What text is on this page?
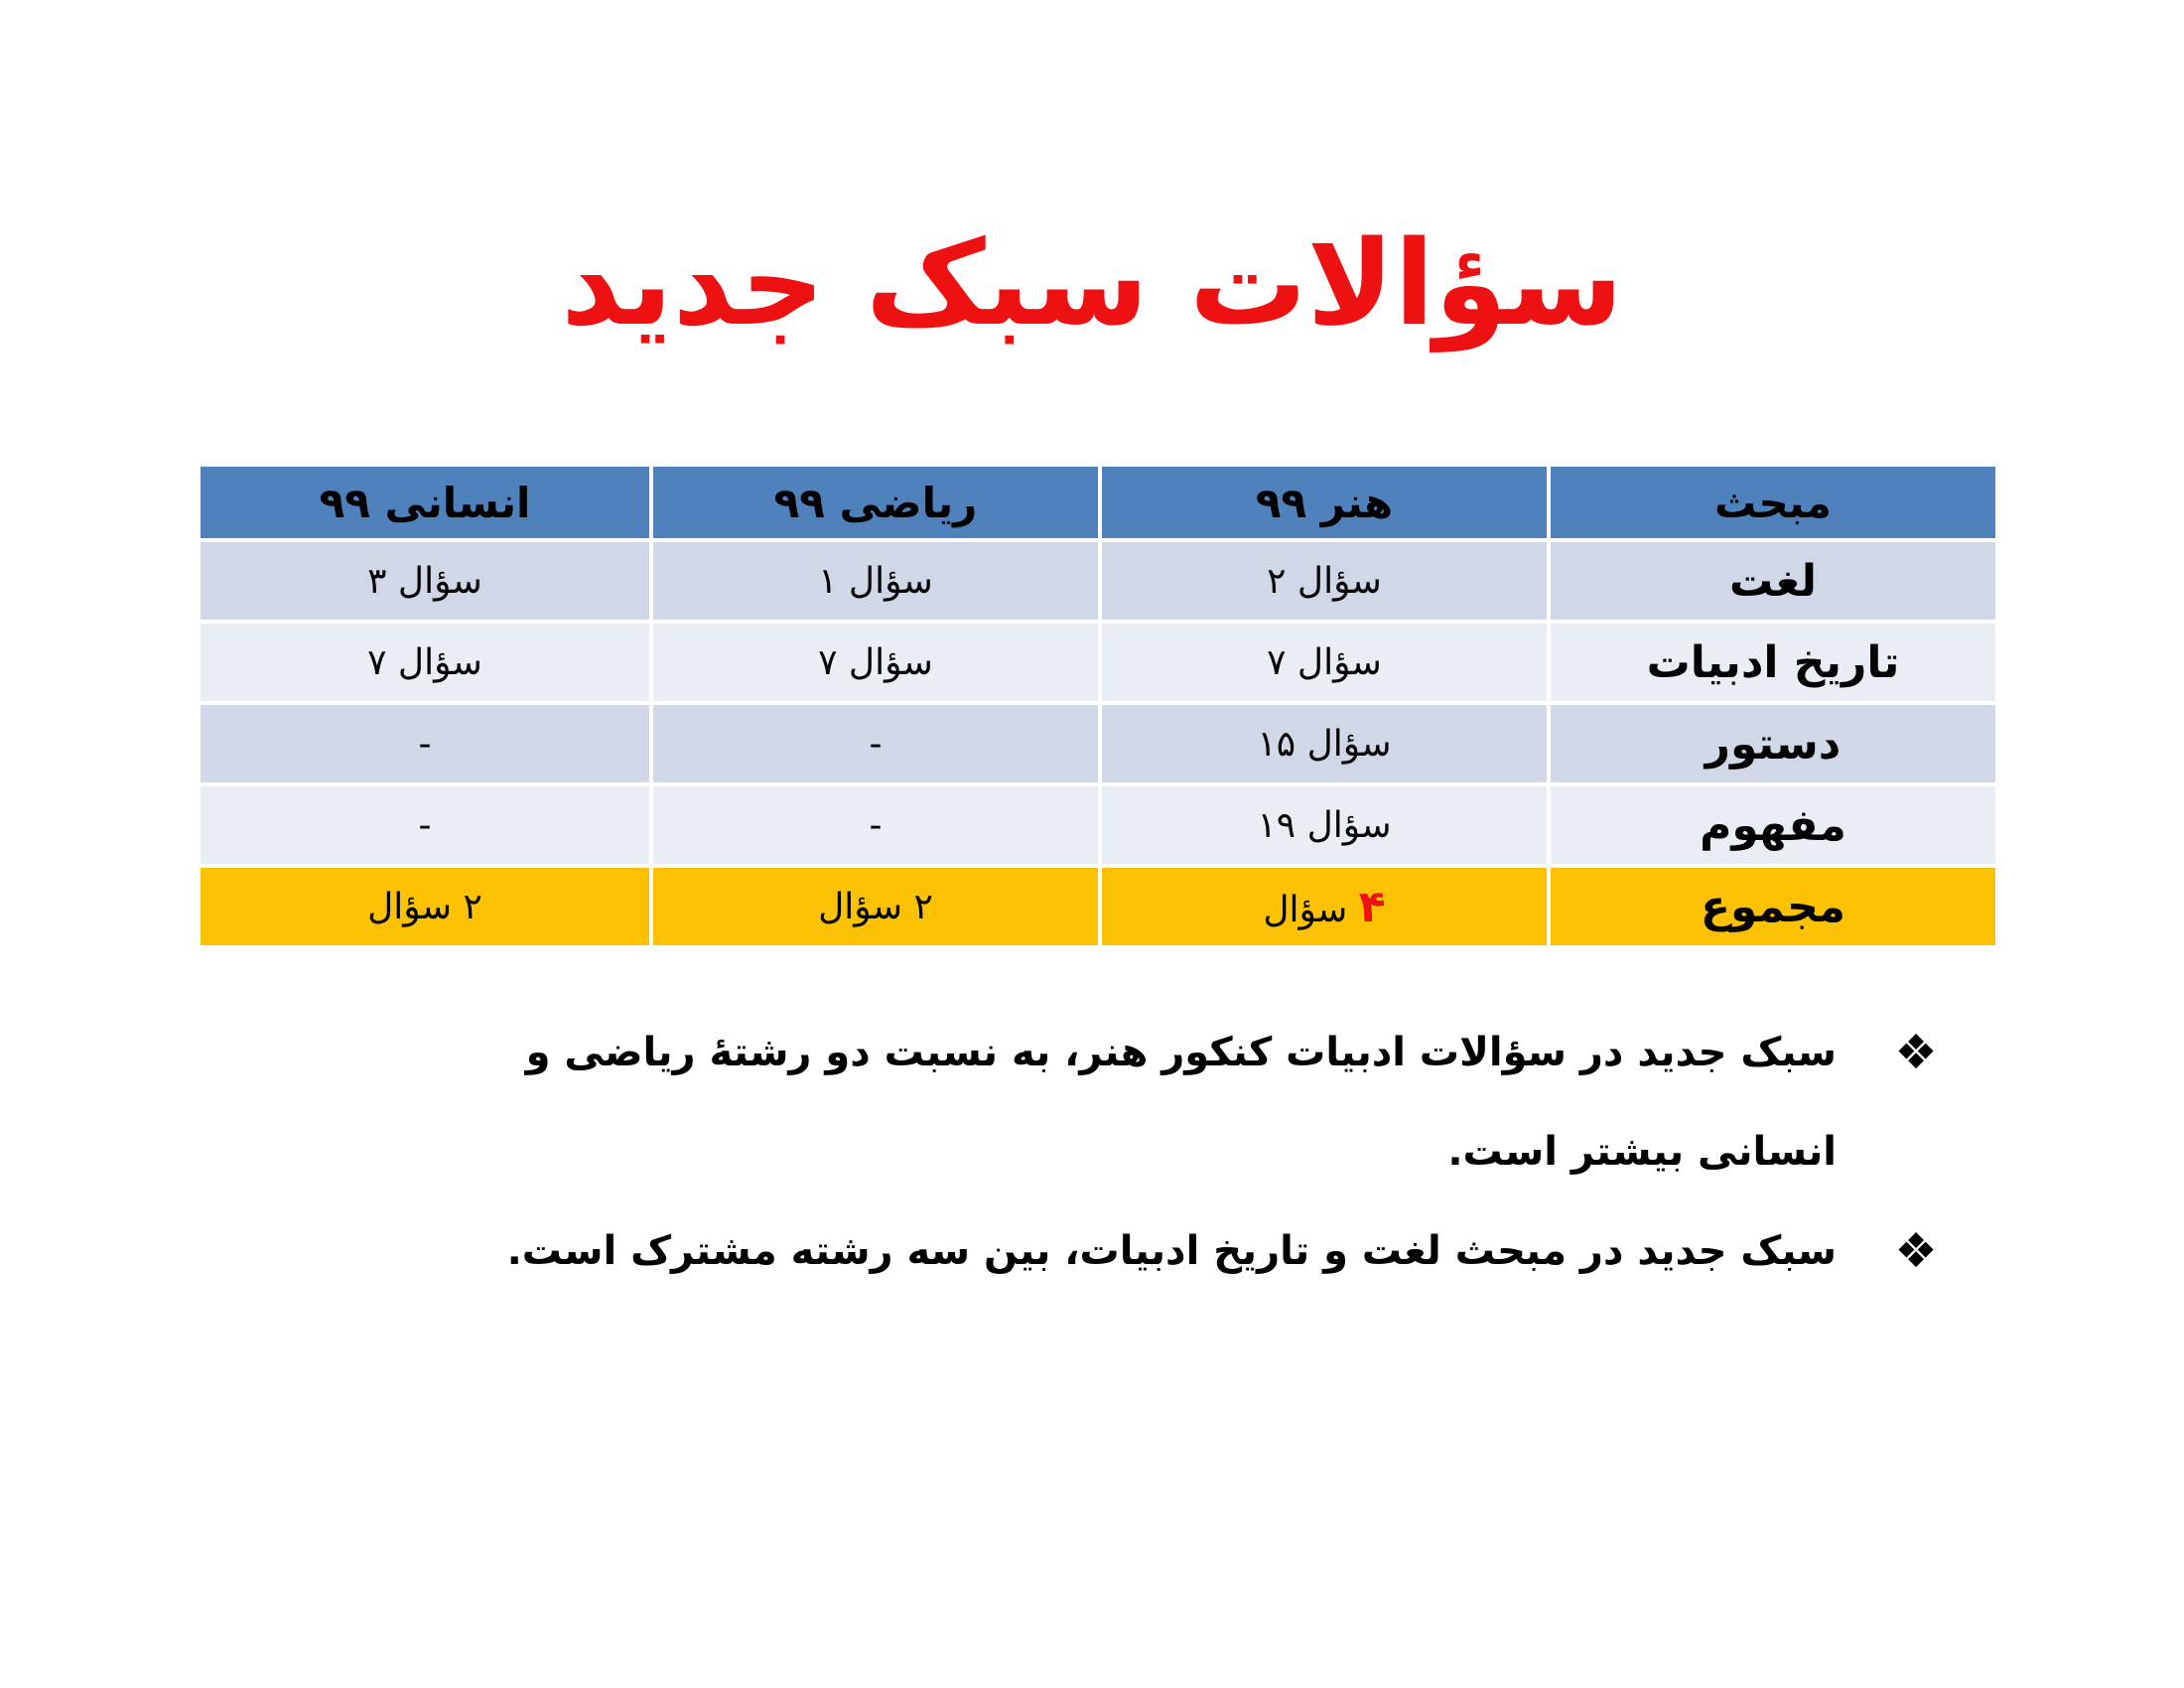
سؤالات سبک جدید
مبحث	هنر ۹۹	ریاضی ۹۹	انسانی ۹۹
لغت	سؤال ۲	سؤال ۱	سؤال ۳
تاریخ ادبیات	سؤال ۷	سؤال ۷	سؤال ۷
دستور	سؤال ۱۵	-	-
مفهوم	سؤال ۱۹	-	-
مجموع	۴ سؤال	۲ سؤال	۲ سؤال
❖
سبک جدید در سؤالات ادبیات کنکور هنر، به نسبت دو رشتۀ ریاضی و انسانی بیشتر است.
❖
سبک جدید در مبحث لغت و تاریخ ادبیات، بین سه رشته مشترک است.
